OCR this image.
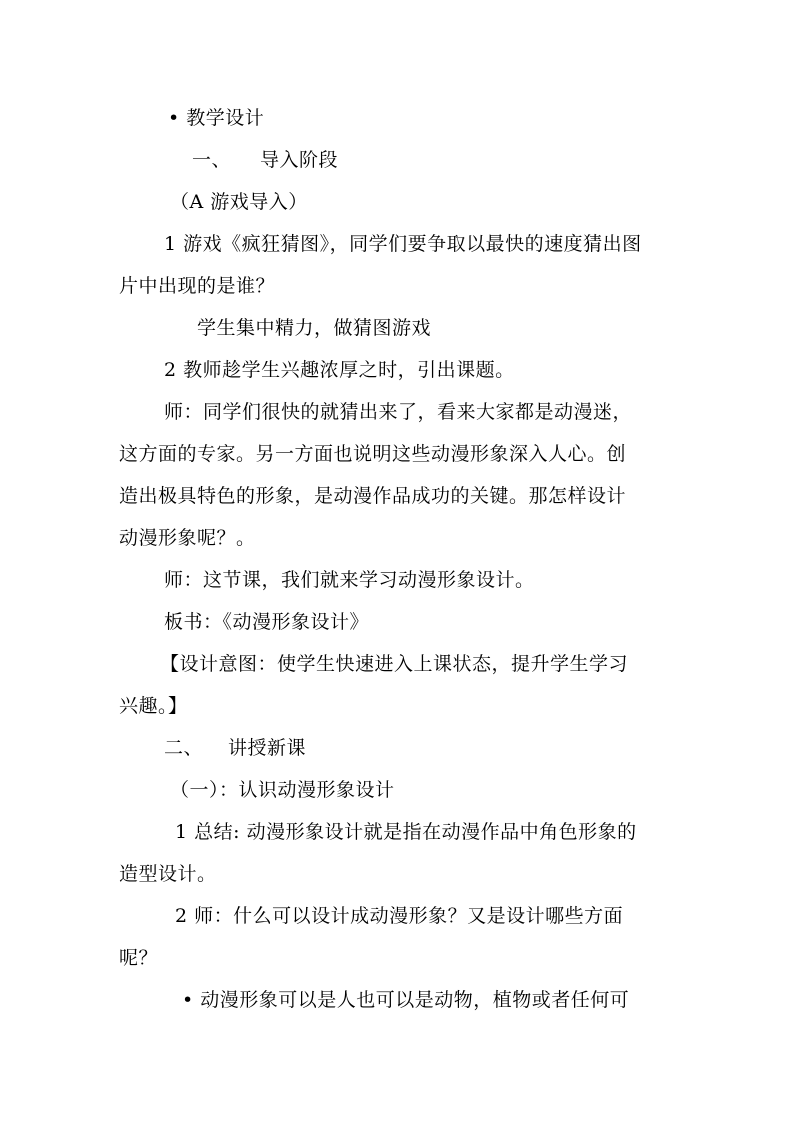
• 教学设计
一、 导入阶段
（A 游戏导入）
1 游戏《疯狂猜图》，同学们要争取以最快的速度猜出图
片中出现的是谁？
学生集中精力，做猜图游戏
2 教师趁学生兴趣浓厚之时，引出课题。
师：同学们很快的就猜出来了，看来大家都是动漫迷，
这方面的专家。另一方面也说明这些动漫形象深入人心。创
造出极具特色的形象，是动漫作品成功的关键。那怎样设计
动漫形象呢？。
师：这节课，我们就来学习动漫形象设计。
板书：《动漫形象设计》
【设计意图：使学生快速进入上课状态，提升学生学习
兴趣。】
二、 讲授新课
（一）：认识动漫形象设计
1 总结: 动漫形象设计就是指在动漫作品中角色形象的
造型设计。
2 师：什么可以设计成动漫形象？又是设计哪些方面
呢？
• 动漫形象可以是人也可以是动物，植物或者任何可
